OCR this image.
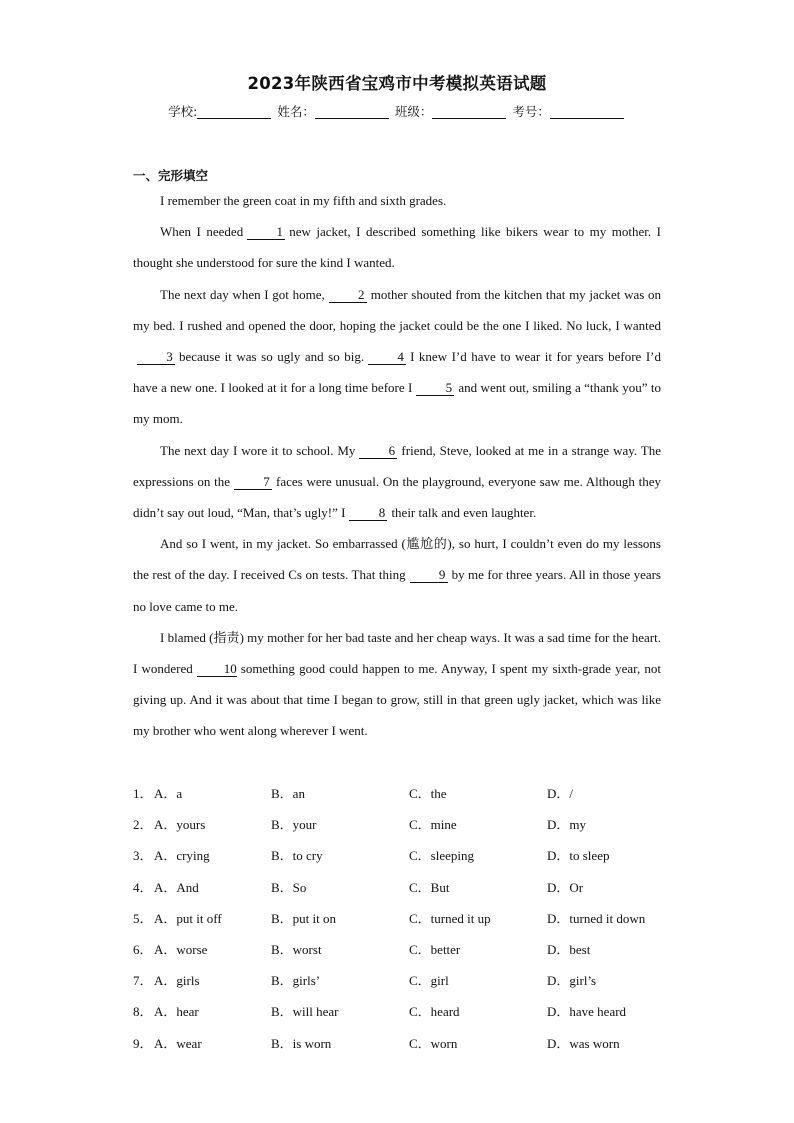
2023年陕西省宝鸡市中考模拟英语试题
学校:	姓名：	班级：	考号：
一、完形填空

I remember the green coat in my fifth and sixth grades.

When I needed	1 new jacket, I described something like bikers wear to my mother. I thought she understood for sure the kind I wanted.

The next day when I got home,	2 mother shouted from the kitchen that my jacket was on my bed. I rushed and opened the door, hoping the jacket could be the one I liked. No luck, I wanted3 because it was so ugly and so big.	4 I knew I’d have to wear it for years before I’d have a new one. I looked at it for a long time before I	5 and went out, smiling a “thank you” to my mom.

The next day I wore it to school. My	6 friend, Steve, looked at me in a strange way. The expressions on the	7 faces were unusual. On the playground, everyone saw me. Although they didn’t say out loud, “Man, that’s ugly!” I	8 their talk and even laughter.

And so I went, in my jacket. So embarrassed (尴尬的), so hurt, I couldn’t even do my lessons the rest of the day. I received Cs on tests. That thing	9 by me for three years. All in those years no love came to me.

I blamed (指责) my mother for her bad taste and her cheap ways. It was a sad time for the heart. I wondered 10 something good could happen to me. Anyway, I spent my sixth-grade year, not giving up. And it was about that time I began to grow, still in that green ugly jacket, which was like my brother who went along wherever I went.

1． A．a	B．an	C．the	D．/
2． A．yours	B．your	C．mine	D．my
3． A．crying	B．to cry	C．sleeping	D．to sleep
4． A．And	B．So	C．But	D．Or
5． A．put it off	B．put it on	C．turned it up	D．turned it down
6． A．worse	B．worst	C．better	D．best
7． A．girls	B．girls’	C．girl	D．girl’s
8． A．hear	B．will hear	C．heard	D．have heard
9． A．wear	B．is worn	C．worn	D．was worn
